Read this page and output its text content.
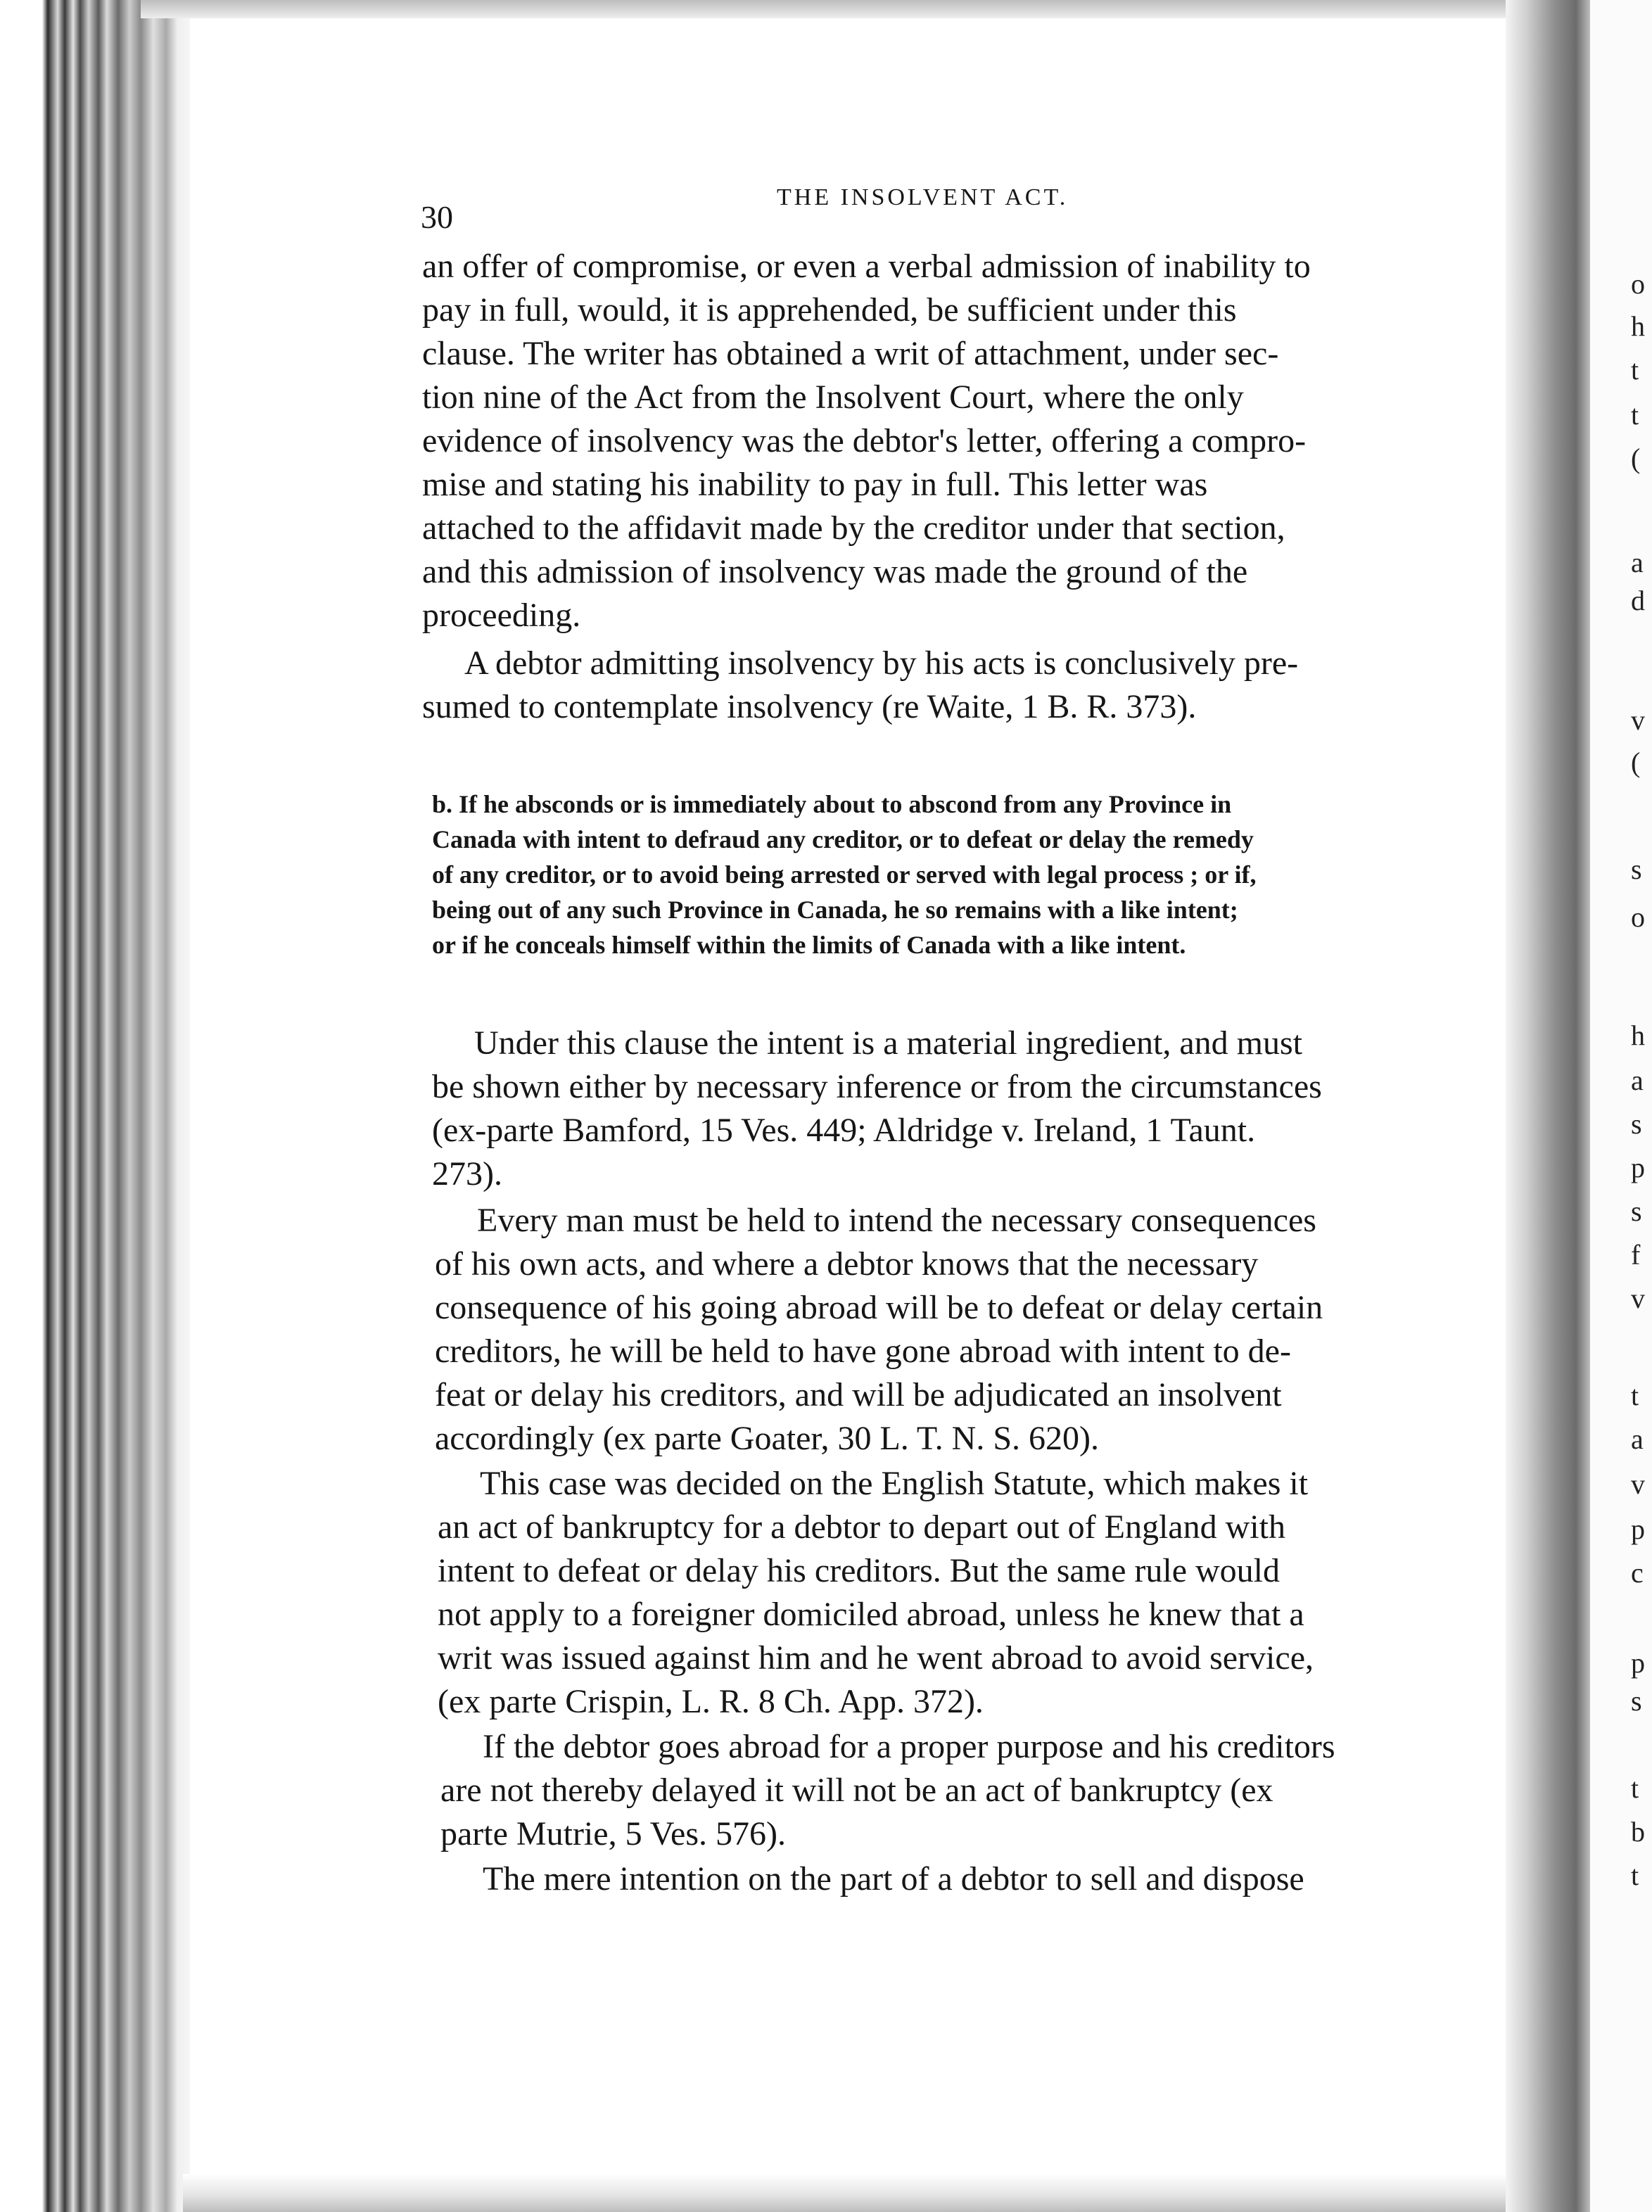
o
h
t
t
(
a
d
v
(
s
o
h
a
s
p
s
f
v
t
a
v
p
c
p
s
t
b
t
30
THE INSOLVENT ACT.
an offer of compromise, or even a verbal admission of inability to
pay in full, would, it is apprehended, be sufficient under this
clause. The writer has obtained a writ of attachment, under sec-
tion nine of the Act from the Insolvent Court, where the only
evidence of insolvency was the debtor's letter, offering a compro-
mise and stating his inability to pay in full. This letter was
attached to the affidavit made by the creditor under that section,
and this admission of insolvency was made the ground of the
proceeding.
A debtor admitting insolvency by his acts is conclusively pre-
sumed to contemplate insolvency (re Waite, 1 B. R. 373).
b. If he absconds or is immediately about to abscond from any Province in
Canada with intent to defraud any creditor, or to defeat or delay the remedy
of any creditor, or to avoid being arrested or served with legal process ; or if,
being out of any such Province in Canada, he so remains with a like intent;
or if he conceals himself within the limits of Canada with a like intent.
Under this clause the intent is a material ingredient, and must
be shown either by necessary inference or from the circumstances
(ex-parte Bamford, 15 Ves. 449; Aldridge v. Ireland, 1 Taunt.
273).
Every man must be held to intend the necessary consequences
of his own acts, and where a debtor knows that the necessary
consequence of his going abroad will be to defeat or delay certain
creditors, he will be held to have gone abroad with intent to de-
feat or delay his creditors, and will be adjudicated an insolvent
accordingly (ex parte Goater, 30 L. T. N. S. 620).
This case was decided on the English Statute, which makes it
an act of bankruptcy for a debtor to depart out of England with
intent to defeat or delay his creditors. But the same rule would
not apply to a foreigner domiciled abroad, unless he knew that a
writ was issued against him and he went abroad to avoid service,
(ex parte Crispin, L. R. 8 Ch. App. 372).
If the debtor goes abroad for a proper purpose and his creditors
are not thereby delayed it will not be an act of bankruptcy (ex
parte Mutrie, 5 Ves. 576).
The mere intention on the part of a debtor to sell and dispose
